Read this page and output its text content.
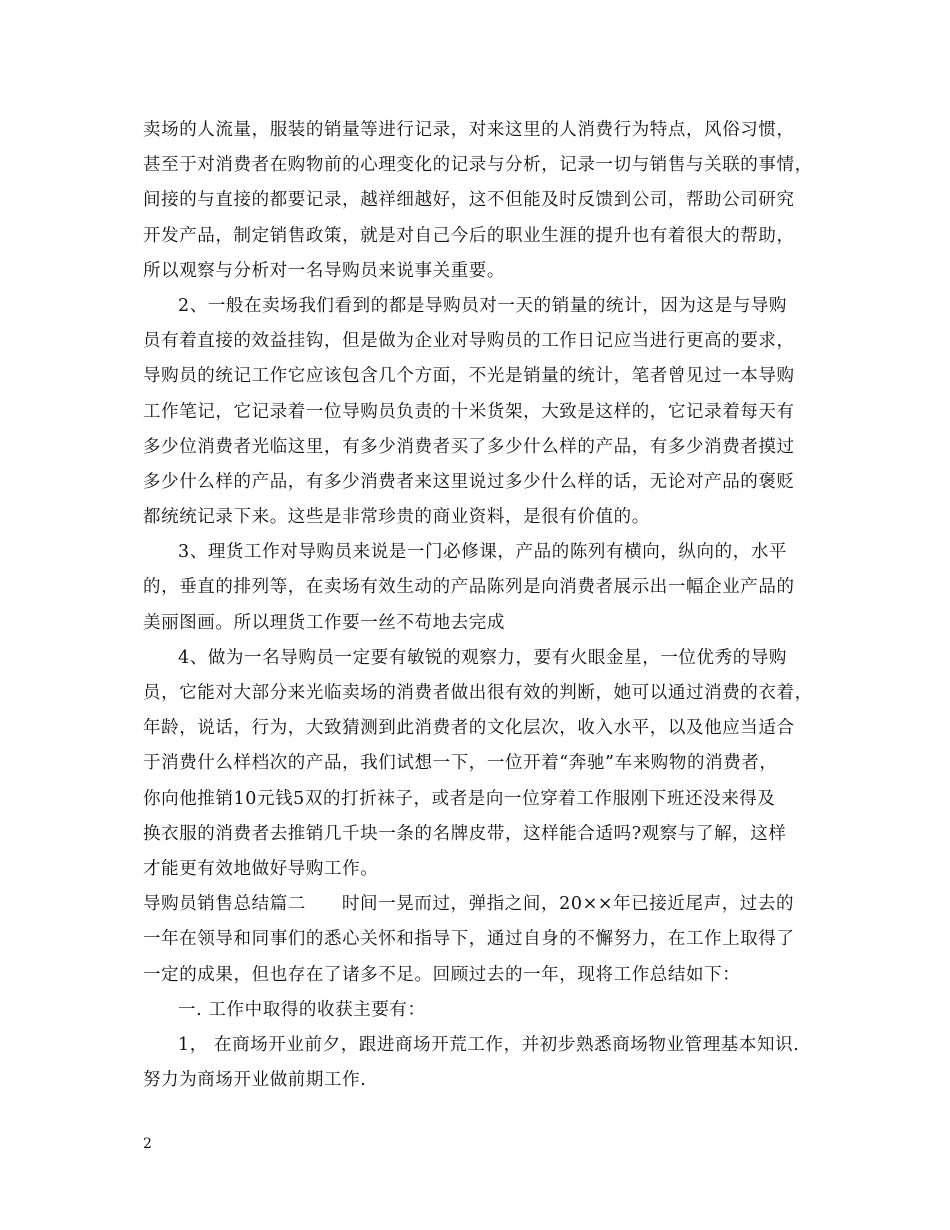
卖场的人流量，服装的销量等进行记录，对来这里的人消费行为特点，风俗习惯，
甚至于对消费者在购物前的心理变化的记录与分析，记录一切与销售与关联的事情，
间接的与直接的都要记录，越祥细越好，这不但能及时反馈到公司，帮助公司研究
开发产品，制定销售政策，就是对自己今后的职业生涯的提升也有着很大的帮助，
所以观察与分析对一名导购员来说事关重要。
2、一般在卖场我们看到的都是导购员对一天的销量的统计，因为这是与导购
员有着直接的效益挂钩，但是做为企业对导购员的工作日记应当进行更高的要求，
导购员的统记工作它应该包含几个方面，不光是销量的统计，笔者曾见过一本导购
工作笔记，它记录着一位导购员负责的十米货架，大致是这样的，它记录着每天有
多少位消费者光临这里，有多少消费者买了多少什么样的产品，有多少消费者摸过
多少什么样的产品，有多少消费者来这里说过多少什么样的话，无论对产品的褒贬
都统统记录下来。这些是非常珍贵的商业资料，是很有价值的。
3、理货工作对导购员来说是一门必修课，产品的陈列有横向，纵向的，水平
的，垂直的排列等，在卖场有效生动的产品陈列是向消费者展示出一幅企业产品的
美丽图画。所以理货工作要一丝不苟地去完成
4、做为一名导购员一定要有敏锐的观察力，要有火眼金星，一位优秀的导购
员，它能对大部分来光临卖场的消费者做出很有效的判断，她可以通过消费的衣着，
年龄，说话，行为，大致猜测到此消费者的文化层次，收入水平，以及他应当适合
于消费什么样档次的产品，我们试想一下，一位开着“奔驰”车来购物的消费者，
你向他推销10元钱5双的打折袜子，或者是向一位穿着工作服刚下班还没来得及
换衣服的消费者去推销几千块一条的名牌皮带，这样能合适吗?观察与了解，这样
才能更有效地做好导购工作。
导购员销售总结篇二 时间一晃而过，弹指之间，20××年已接近尾声，过去的
一年在领导和同事们的悉心关怀和指导下，通过自身的不懈努力，在工作上取得了
一定的成果，但也存在了诸多不足。回顾过去的一年，现将工作总结如下：
一. 工作中取得的收获主要有：
1， 在商场开业前夕，跟进商场开荒工作，并初步熟悉商场物业管理基本知识.
努力为商场开业做前期工作.
2
